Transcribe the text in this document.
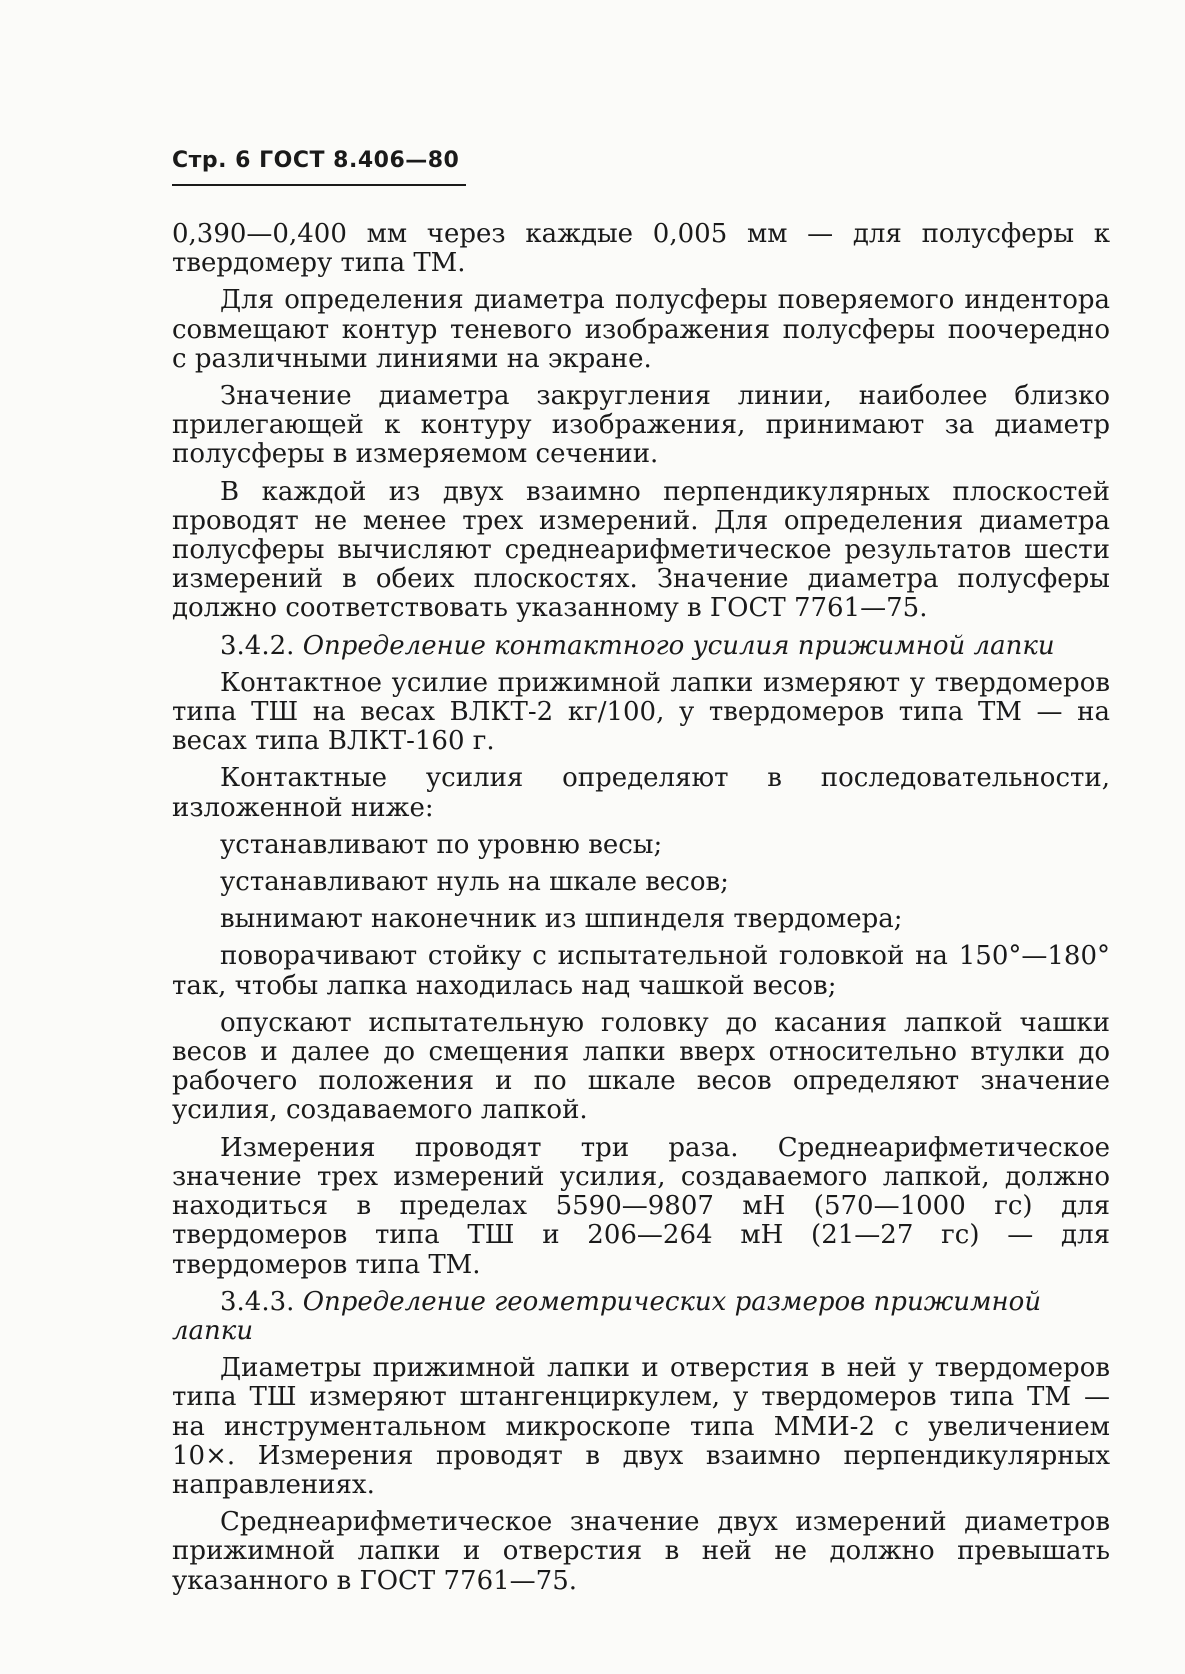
Стр. 6 ГОСТ 8.406—80

0,390—0,400 мм через каждые 0,005 мм — для полусферы к твердомеру типа ТМ.

Для определения диаметра полусферы поверяемого индентора совмещают контур теневого изображения полусферы поочередно с различными линиями на экране.

Значение диаметра закругления линии, наиболее близко прилегающей к контуру изображения, принимают за диаметр полусферы в измеряемом сечении.

В каждой из двух взаимно перпендикулярных плоскостей проводят не менее трех измерений. Для определения диаметра полусферы вычисляют среднеарифметическое результатов шести измерений в обеих плоскостях. Значение диаметра полусферы должно соответствовать указанному в ГОСТ 7761—75.

3.4.2. Определение контактного усилия прижимной лапки

Контактное усилие прижимной лапки измеряют у твердомеров типа ТШ на весах ВЛКТ-2 кг/100, у твердомеров типа ТМ — на весах типа ВЛКТ-160 г.

Контактные усилия определяют в последовательности, изложенной ниже:

устанавливают по уровню весы;

устанавливают нуль на шкале весов;

вынимают наконечник из шпинделя твердомера;

поворачивают стойку с испытательной головкой на 150°—180° так, чтобы лапка находилась над чашкой весов;

опускают испытательную головку до касания лапкой чашки весов и далее до смещения лапки вверх относительно втулки до рабочего положения и по шкале весов определяют значение усилия, создаваемого лапкой.

Измерения проводят три раза. Среднеарифметическое значение трех измерений усилия, создаваемого лапкой, должно находиться в пределах 5590—9807 мН (570—1000 гс) для твердомеров типа ТШ и 206—264 мН (21—27 гс) — для твердомеров типа ТМ.

3.4.3. Определение геометрических размеров прижимной лапки

Диаметры прижимной лапки и отверстия в ней у твердомеров типа ТШ измеряют штангенциркулем, у твердомеров типа ТМ — на инструментальном микроскопе типа ММИ-2 с увеличением 10×. Измерения проводят в двух взаимно перпендикулярных направлениях.

Среднеарифметическое значение двух измерений диаметров прижимной лапки и отверстия в ней не должно превышать указанного в ГОСТ 7761—75.
